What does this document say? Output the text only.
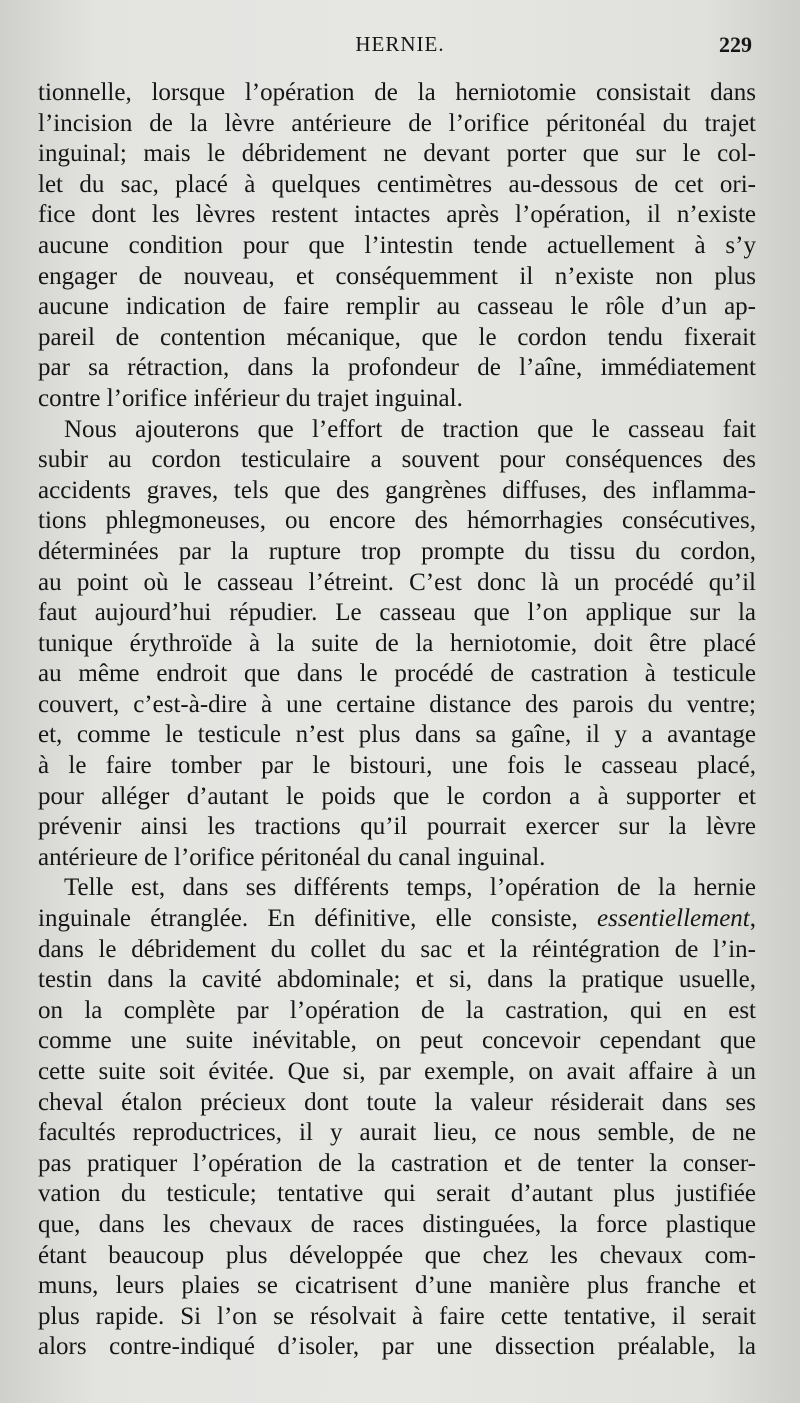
HERNIE.	229
tionnelle, lorsque l’opération de la herniotomie consistait dans
l’incision de la lèvre antérieure de l’orifice péritonéal du trajet
inguinal; mais le débridement ne devant porter que sur le col-
let du sac, placé à quelques centimètres au-dessous de cet ori-
fice dont les lèvres restent intactes après l’opération, il n’existe
aucune condition pour que l’intestin tende actuellement à s’y
engager de nouveau, et conséquemment il n’existe non plus
aucune indication de faire remplir au casseau le rôle d’un ap-
pareil de contention mécanique, que le cordon tendu fixerait
par sa rétraction, dans la profondeur de l’aîne, immédiatement
contre l’orifice inférieur du trajet inguinal.
Nous ajouterons que l’effort de traction que le casseau fait
subir au cordon testiculaire a souvent pour conséquences des
accidents graves, tels que des gangrènes diffuses, des inflamma-
tions phlegmoneuses, ou encore des hémorrhagies consécutives,
déterminées par la rupture trop prompte du tissu du cordon,
au point où le casseau l’étreint. C’est donc là un procédé qu’il
faut aujourd’hui répudier. Le casseau que l’on applique sur la
tunique érythroïde à la suite de la herniotomie, doit être placé
au même endroit que dans le procédé de castration à testicule
couvert, c’est-à-dire à une certaine distance des parois du ventre;
et, comme le testicule n’est plus dans sa gaîne, il y a avantage
à le faire tomber par le bistouri, une fois le casseau placé,
pour alléger d’autant le poids que le cordon a à supporter et
prévenir ainsi les tractions qu’il pourrait exercer sur la lèvre
antérieure de l’orifice péritonéal du canal inguinal.
Telle est, dans ses différents temps, l’opération de la hernie
inguinale étranglée. En définitive, elle consiste, essentiellement,
dans le débridement du collet du sac et la réintégration de l’in-
testin dans la cavité abdominale; et si, dans la pratique usuelle,
on la complète par l’opération de la castration, qui en est
comme une suite inévitable, on peut concevoir cependant que
cette suite soit évitée. Que si, par exemple, on avait affaire à un
cheval étalon précieux dont toute la valeur résiderait dans ses
facultés reproductrices, il y aurait lieu, ce nous semble, de ne
pas pratiquer l’opération de la castration et de tenter la conser-
vation du testicule; tentative qui serait d’autant plus justifiée
que, dans les chevaux de races distinguées, la force plastique
étant beaucoup plus développée que chez les chevaux com-
muns, leurs plaies se cicatrisent d’une manière plus franche et
plus rapide. Si l’on se résolvait à faire cette tentative, il serait
alors contre-indiqué d’isoler, par une dissection préalable, la
